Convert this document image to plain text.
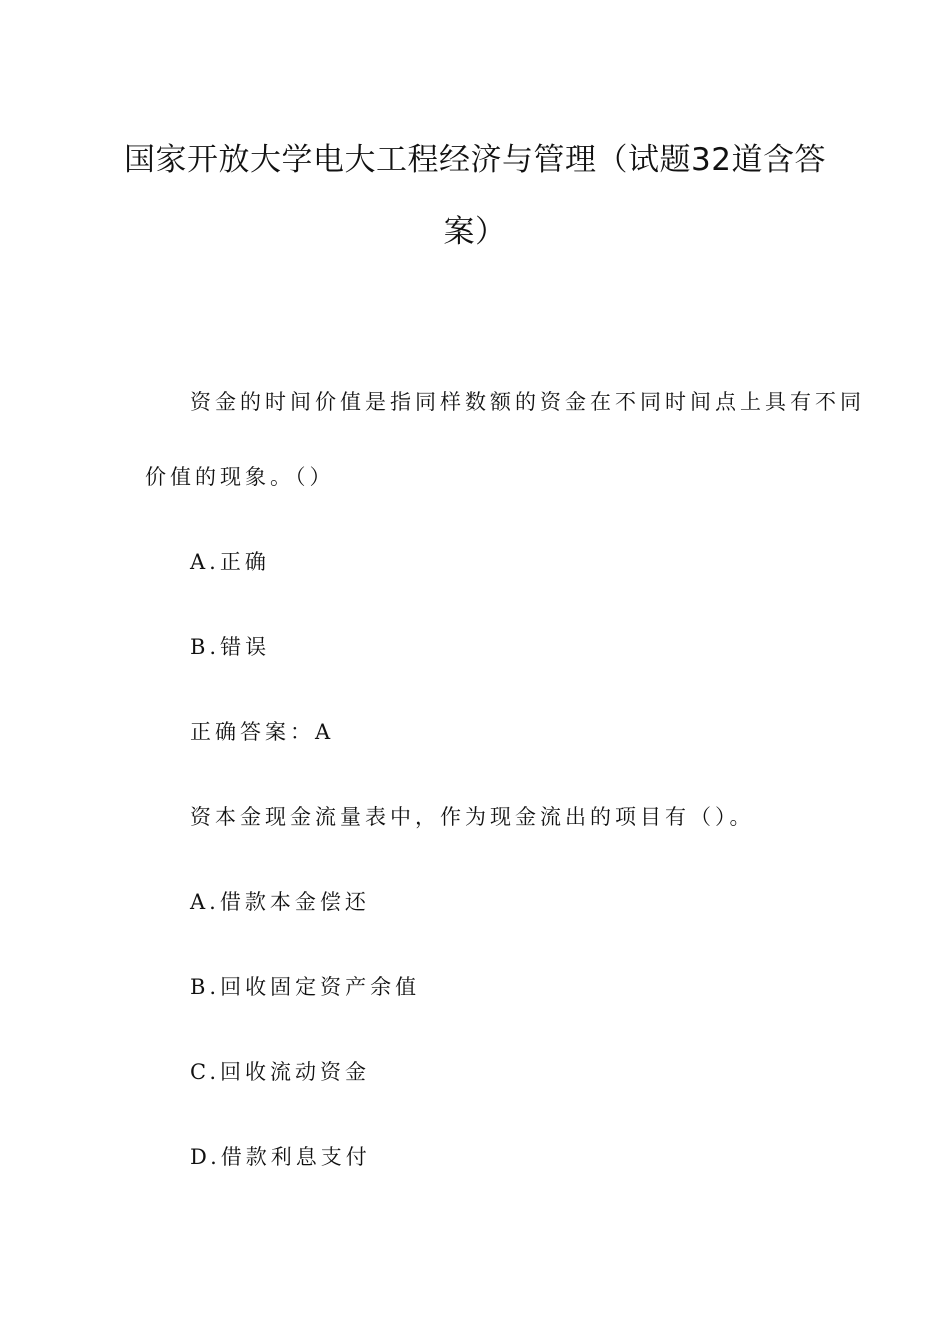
国家开放大学电大工程经济与管理（试题32道含答
案）
资金的时间价值是指同样数额的资金在不同时间点上具有不同
价值的现象。（）
A.正确
B.错误
正确答案：A
资本金现金流量表中，作为现金流出的项目有（）。
A.借款本金偿还
B.回收固定资产余值
C.回收流动资金
D.借款利息支付
